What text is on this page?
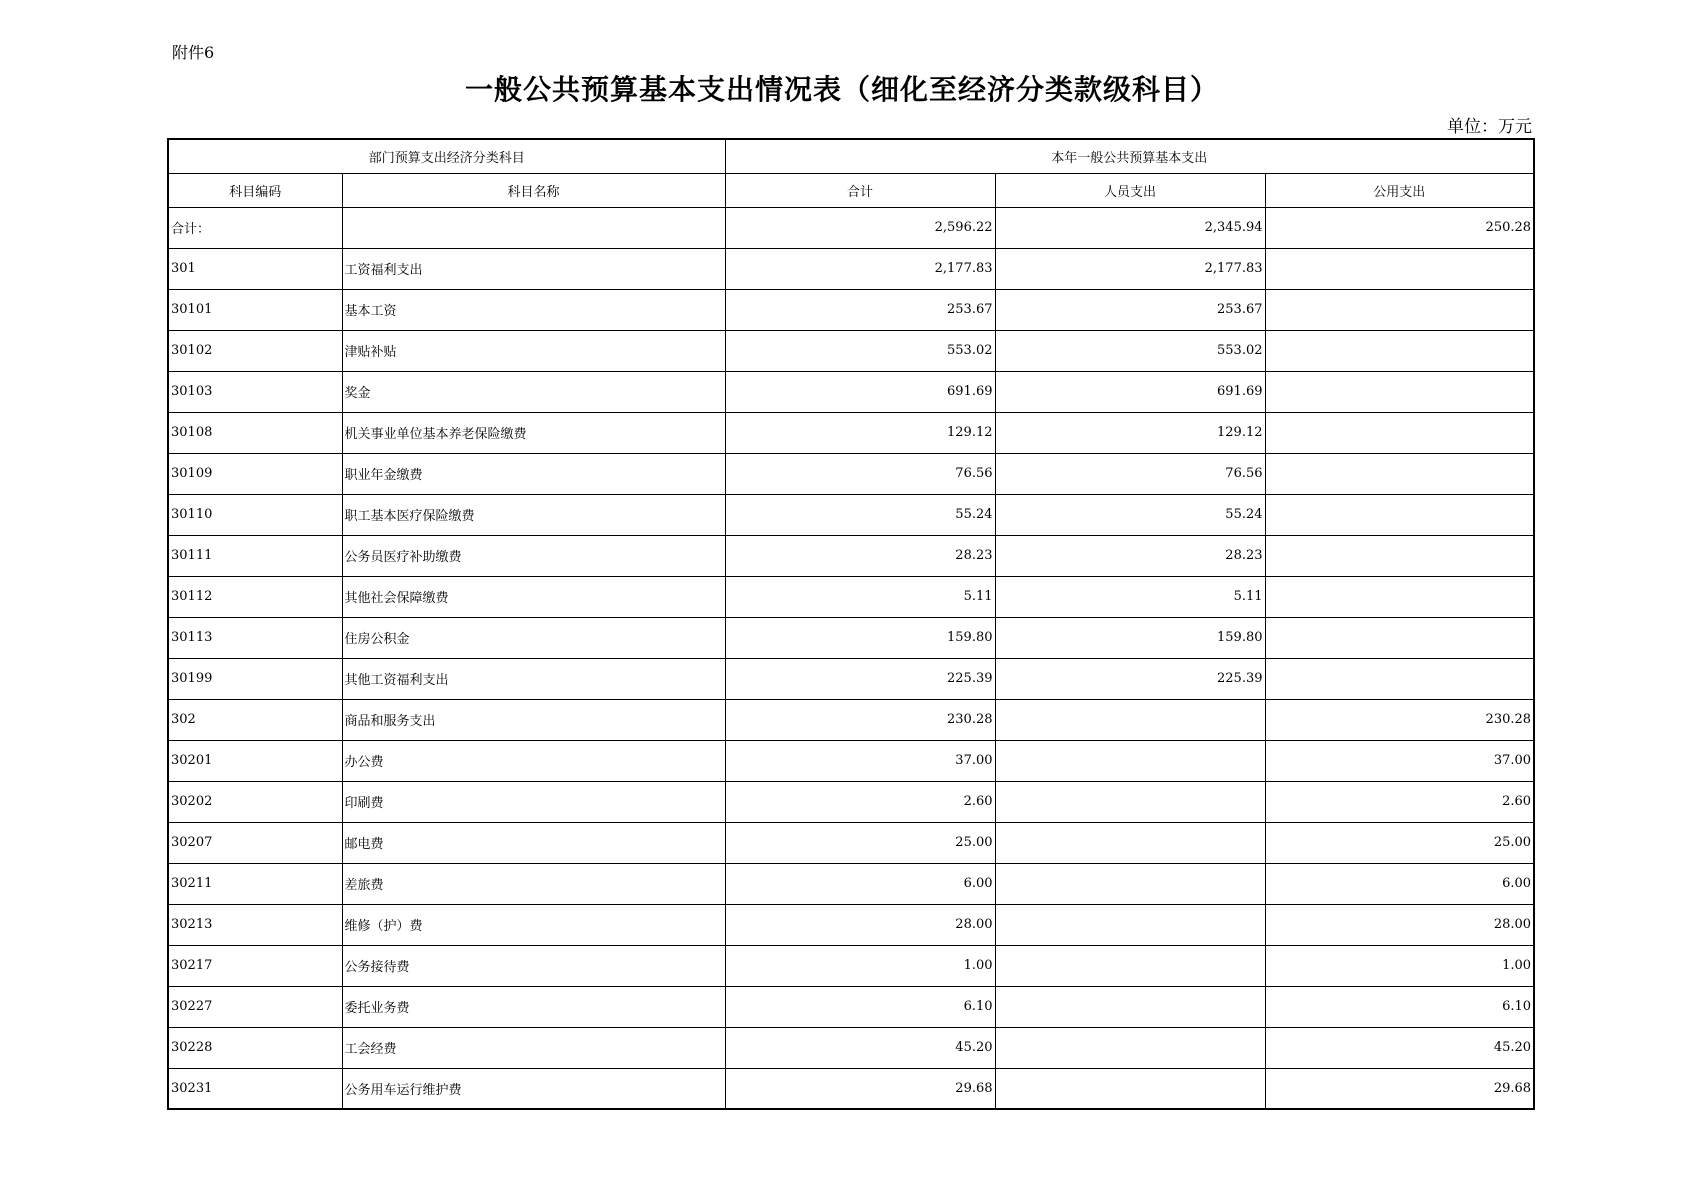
附件6
一般公共预算基本支出情况表（细化至经济分类款级科目）
单位：万元
部门预算支出经济分类科目		本年一般公共预算基本支出		
科目编码	科目名称	合计	人员支出	公用支出
合计：		2,596.22	2,345.94	250.28
301	工资福利支出	2,177.83	2,177.83	
30101	基本工资	253.67	253.67	
30102	津贴补贴	553.02	553.02	
30103	奖金	691.69	691.69	
30108	机关事业单位基本养老保险缴费	129.12	129.12	
30109	职业年金缴费	76.56	76.56	
30110	职工基本医疗保险缴费	55.24	55.24	
30111	公务员医疗补助缴费	28.23	28.23	
30112	其他社会保障缴费	5.11	5.11	
30113	住房公积金	159.80	159.80	
30199	其他工资福利支出	225.39	225.39	
302	商品和服务支出	230.28		230.28
30201	办公费	37.00		37.00
30202	印刷费	2.60		2.60
30207	邮电费	25.00		25.00
30211	差旅费	6.00		6.00
30213	维修（护）费	28.00		28.00
30217	公务接待费	1.00		1.00
30227	委托业务费	6.10		6.10
30228	工会经费	45.20		45.20
30231	公务用车运行维护费	29.68		29.68
